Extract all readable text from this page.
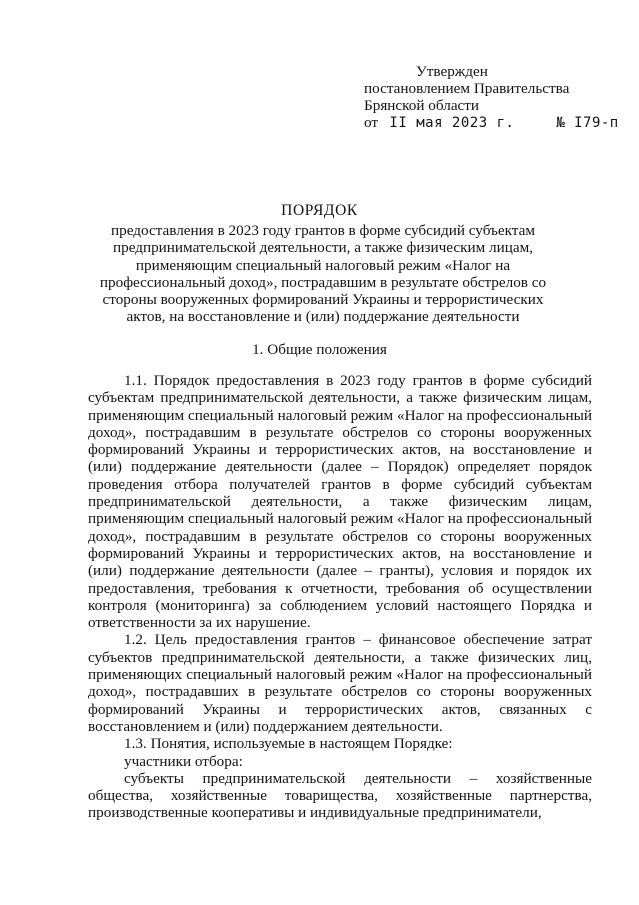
Утвержден
постановлением Правительства
Брянской области
от II мая 2023 г.	№ I79-п
ПОРЯДОК
предоставления в 2023 году грантов в форме субсидий субъектам предпринимательской деятельности, а также физическим лицам, применяющим специальный налоговый режим «Налог на профессиональный доход», пострадавшим в результате обстрелов со стороны вооруженных формирований Украины и террористических актов, на восстановление и (или) поддержание деятельности
1. Общие положения

1.1. Порядок предоставления в 2023 году грантов в форме субсидий субъектам предпринимательской деятельности, а также физическим лицам, применяющим специальный налоговый режим «Налог на профессиональный доход», пострадавшим в результате обстрелов со стороны вооруженных формирований Украины и террористических актов, на восстановление и (или) поддержание деятельности (далее – Порядок) определяет порядок проведения отбора получателей грантов в форме субсидий субъектам предпринимательской деятельности, а также физическим лицам, применяющим специальный налоговый режим «Налог на профессиональный доход», пострадавшим в результате обстрелов со стороны вооруженных формирований Украины и террористических актов, на восстановление и (или) поддержание деятельности (далее – гранты), условия и порядок их предоставления, требования к отчетности, требования об осуществлении контроля (мониторинга) за соблюдением условий настоящего Порядка и ответственности за их нарушение.

1.2. Цель предоставления грантов – финансовое обеспечение затрат субъектов предпринимательской деятельности, а также физических лиц, применяющих специальный налоговый режим «Налог на профессиональный доход», пострадавших в результате обстрелов со стороны вооруженных формирований Украины и террористических актов, связанных с восстановлением и (или) поддержанием деятельности.

1.3. Понятия, используемые в настоящем Порядке:

участники отбора:

субъекты предпринимательской деятельности – хозяйственные общества, хозяйственные товарищества, хозяйственные партнерства, производственные кооперативы и индивидуальные предприниматели,
